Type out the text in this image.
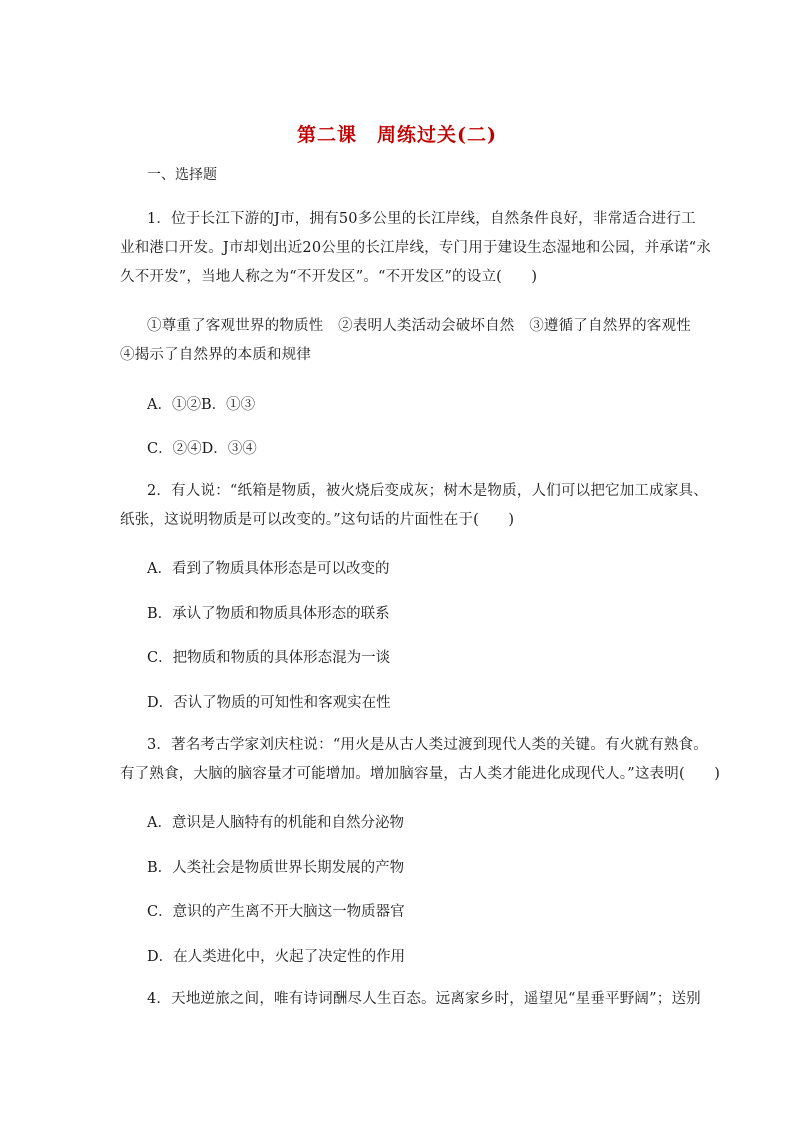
第二课　周练过关(二)
一、选择题
1．位于长江下游的J市，拥有50多公里的长江岸线，自然条件良好，非常适合进行工
业和港口开发。J市却划出近20公里的长江岸线，专门用于建设生态湿地和公园，并承诺“永
久不开发”，当地人称之为“不开发区”。“不开发区”的设立(　　)
①尊重了客观世界的物质性　②表明人类活动会破坏自然　③遵循了自然界的客观性
④揭示了自然界的本质和规律
A．①②B．①③
C．②④D．③④
2．有人说：“纸箱是物质，被火烧后变成灰；树木是物质，人们可以把它加工成家具、
纸张，这说明物质是可以改变的。”这句话的片面性在于(　　)
A．看到了物质具体形态是可以改变的
B．承认了物质和物质具体形态的联系
C．把物质和物质的具体形态混为一谈
D．否认了物质的可知性和客观实在性
3．著名考古学家刘庆柱说：“用火是从古人类过渡到现代人类的关键。有火就有熟食。
有了熟食，大脑的脑容量才可能增加。增加脑容量，古人类才能进化成现代人。”这表明(　　)
A．意识是人脑特有的机能和自然分泌物
B．人类社会是物质世界长期发展的产物
C．意识的产生离不开大脑这一物质器官
D．在人类进化中，火起了决定性的作用
4．天地逆旅之间，唯有诗词酬尽人生百态。远离家乡时，遥望见“星垂平野阔”；送别
